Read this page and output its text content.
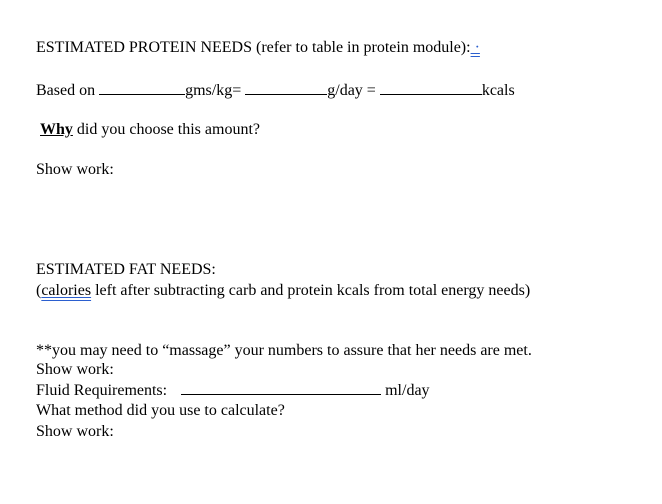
ESTIMATED PROTEIN NEEDS (refer to table in protein module): ·
Based on	gms/kg=	g/day =	kcals
Why did you choose this amount?
Show work:
ESTIMATED FAT NEEDS:
(calories left after subtracting carb and protein kcals from total energy needs)
**you may need to “massage” your numbers to assure that her needs are met.
Show work:
Fluid Requirements:	ml/day
What method did you use to calculate?
Show work:
